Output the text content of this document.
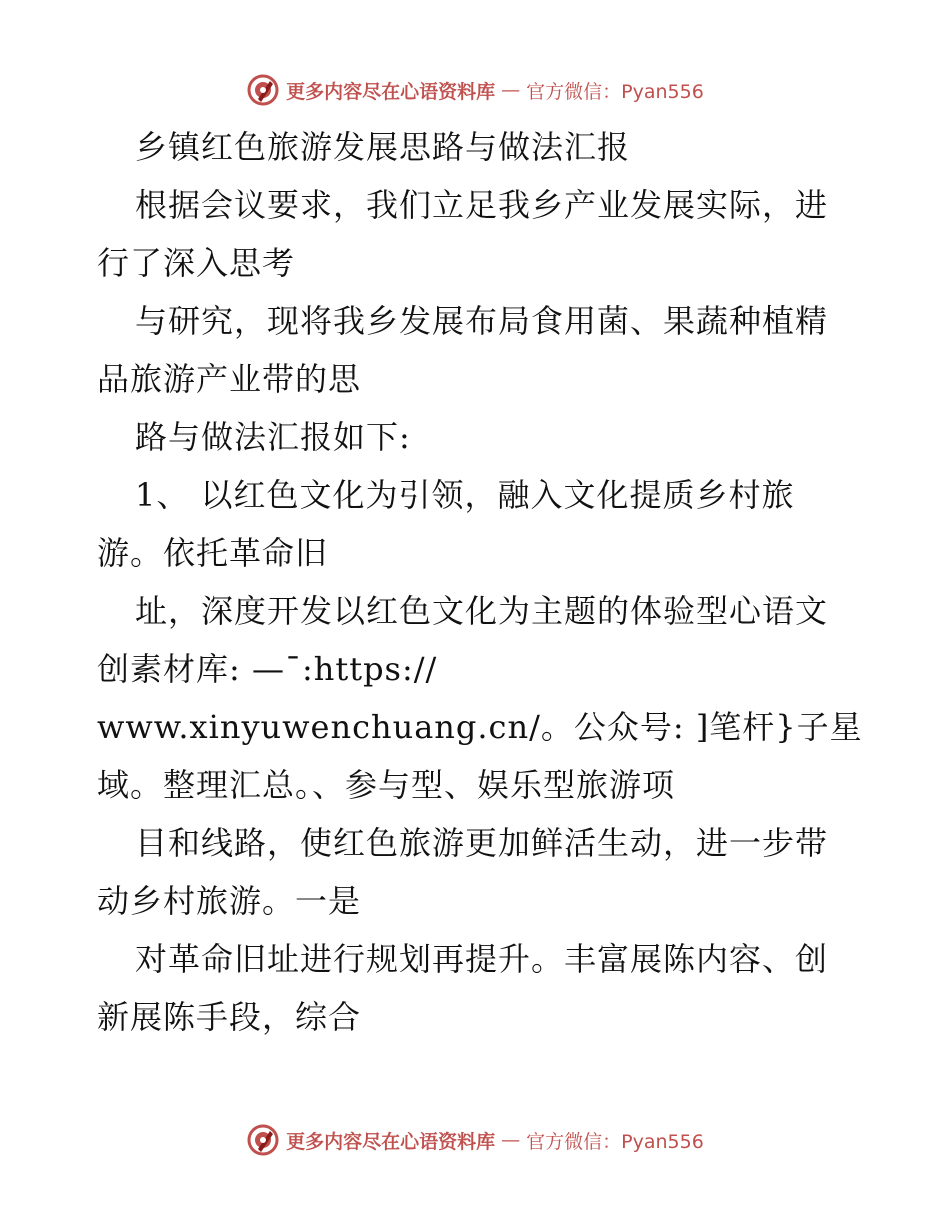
更多内容尽在心语资料库 — 官方微信：Pyan556
乡镇红色旅游发展思路与做法汇报
根据会议要求，我们立足我乡产业发展实际，进
行了深入思考
与研究，现将我乡发展布局食用菌、果蔬种植精
品旅游产业带的思
路与做法汇报如下:
1、 以红色文化为引领，融入文化提质乡村旅
游。依托革命旧
址，深度开发以红色文化为主题的体验型心语文
创素材库: —¯:https://
www.xinyuwenchuang.cn/。公众号: ]笔杆}子星
域。整理汇总。、参与型、娱乐型旅游项
目和线路，使红色旅游更加鲜活生动，进一步带
动乡村旅游。一是
对革命旧址进行规划再提升。丰富展陈内容、创
新展陈手段，综合
更多内容尽在心语资料库 — 官方微信：Pyan556
